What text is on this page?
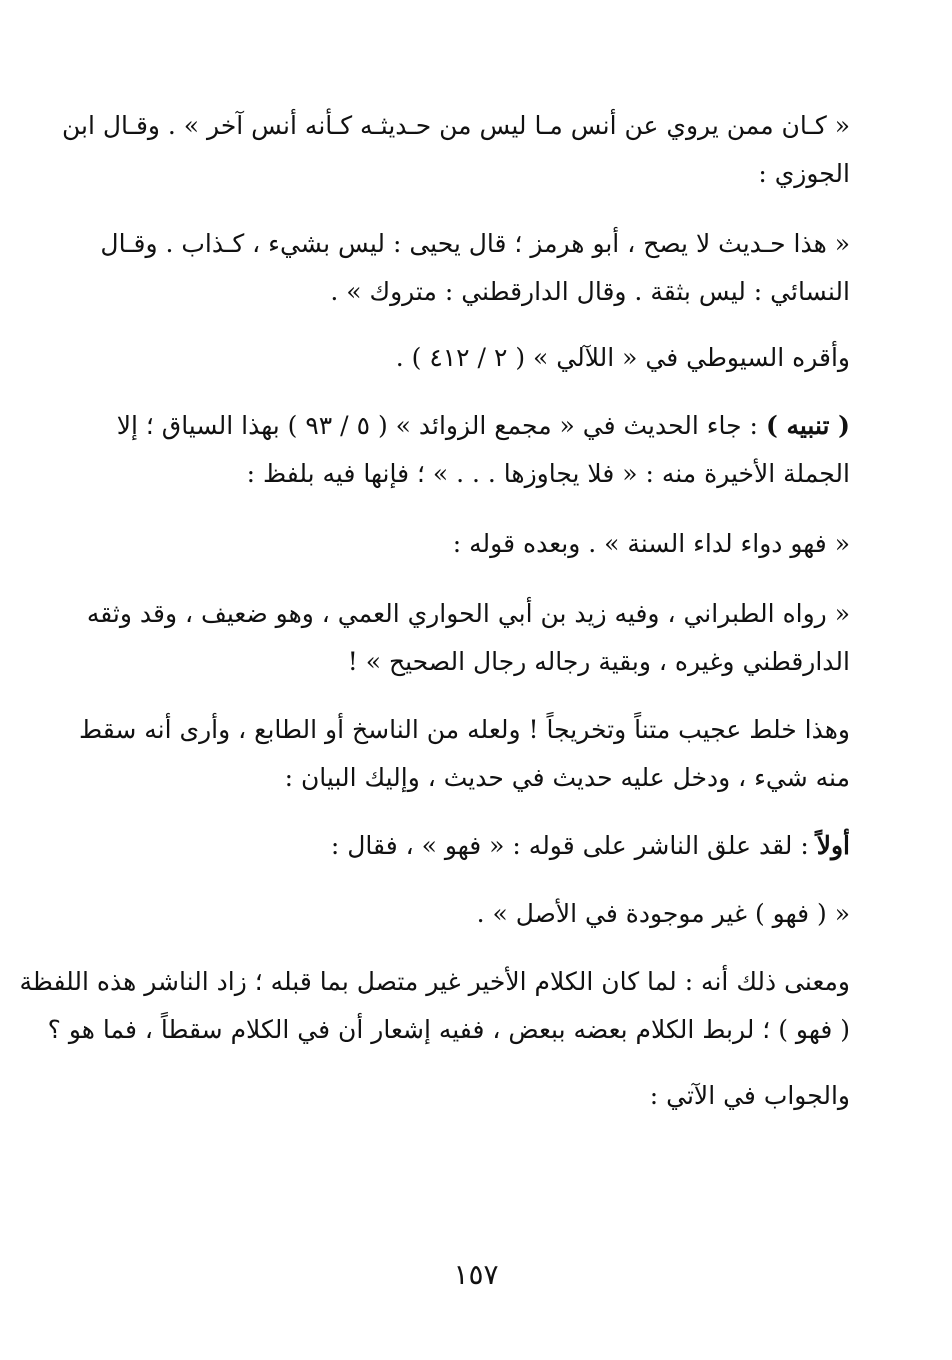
« كـان ممن يروي عن أنس مـا ليس من حـديثـه كـأنه أنس آخر » . وقـال ابن
الجوزي :
« هذا حـديث لا يصح ، أبو هرمز ؛ قال يحيى : ليس بشيء ، كـذاب . وقـال
النسائي : ليس بثقة . وقال الدارقطني : متروك » .
وأقره السيوطي في « اللآلي » ( ٢ / ٤١٢ ) .
( تنبيه ) : جاء الحديث في « مجمع الزوائد » ( ٥ / ٩٣ ) بهذا السياق ؛ إلا
الجملة الأخيرة منه : « فلا يجاوزها . . . » ؛ فإنها فيه بلفظ :
« فهو دواء لداء السنة » . وبعده قوله :
« رواه الطبراني ، وفيه زيد بن أبي الحواري العمي ، وهو ضعيف ، وقد وثقه
الدارقطني وغيره ، وبقية رجاله رجال الصحيح » !
وهذا خلط عجيب متناً وتخريجاً ! ولعله من الناسخ أو الطابع ، وأرى أنه سقط
منه شيء ، ودخل عليه حديث في حديث ، وإليك البيان :
أولاً : لقد علق الناشر على قوله : « فهو » ، فقال :
« ( فهو ) غير موجودة في الأصل » .
ومعنى ذلك أنه : لما كان الكلام الأخير غير متصل بما قبله ؛ زاد الناشر هذه اللفظة
( فهو ) ؛ لربط الكلام بعضه ببعض ، ففيه إشعار أن في الكلام سقطاً ، فما هو ؟
والجواب في الآتي :
١٥٧
